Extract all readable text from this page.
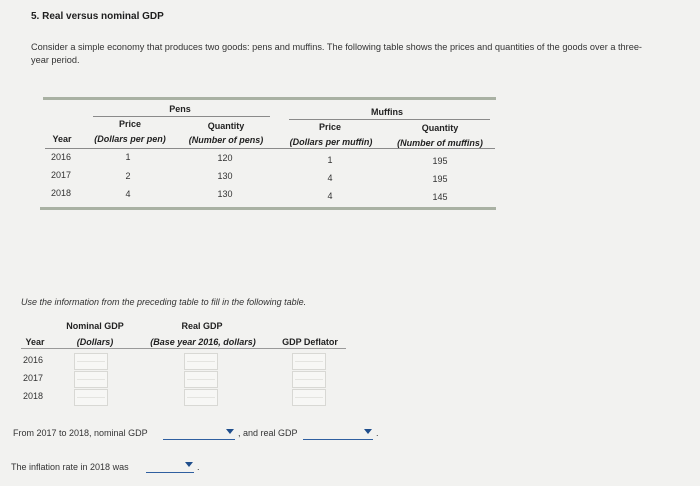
5. Real versus nominal GDP
Consider a simple economy that produces two goods: pens and muffins. The following table shows the prices and quantities of the goods over a three-
year period.
Pens	Muffins
Price	Quantity	Price	Quantity
Year	(Dollars per pen)	(Number of pens)	(Dollars per muffin)	(Number of muffins)
2016	1	120	1	195
2017	2	130	4	195
2018	4	130	4	145
Use the information from the preceding table to fill in the following table.
Nominal GDP	Real GDP
Year	(Dollars)	(Base year 2016, dollars)	GDP Deflator
2016
2017
2018
From 2017 to 2018, nominal GDP	, and real GDP	.
The inflation rate in 2018 was	.
